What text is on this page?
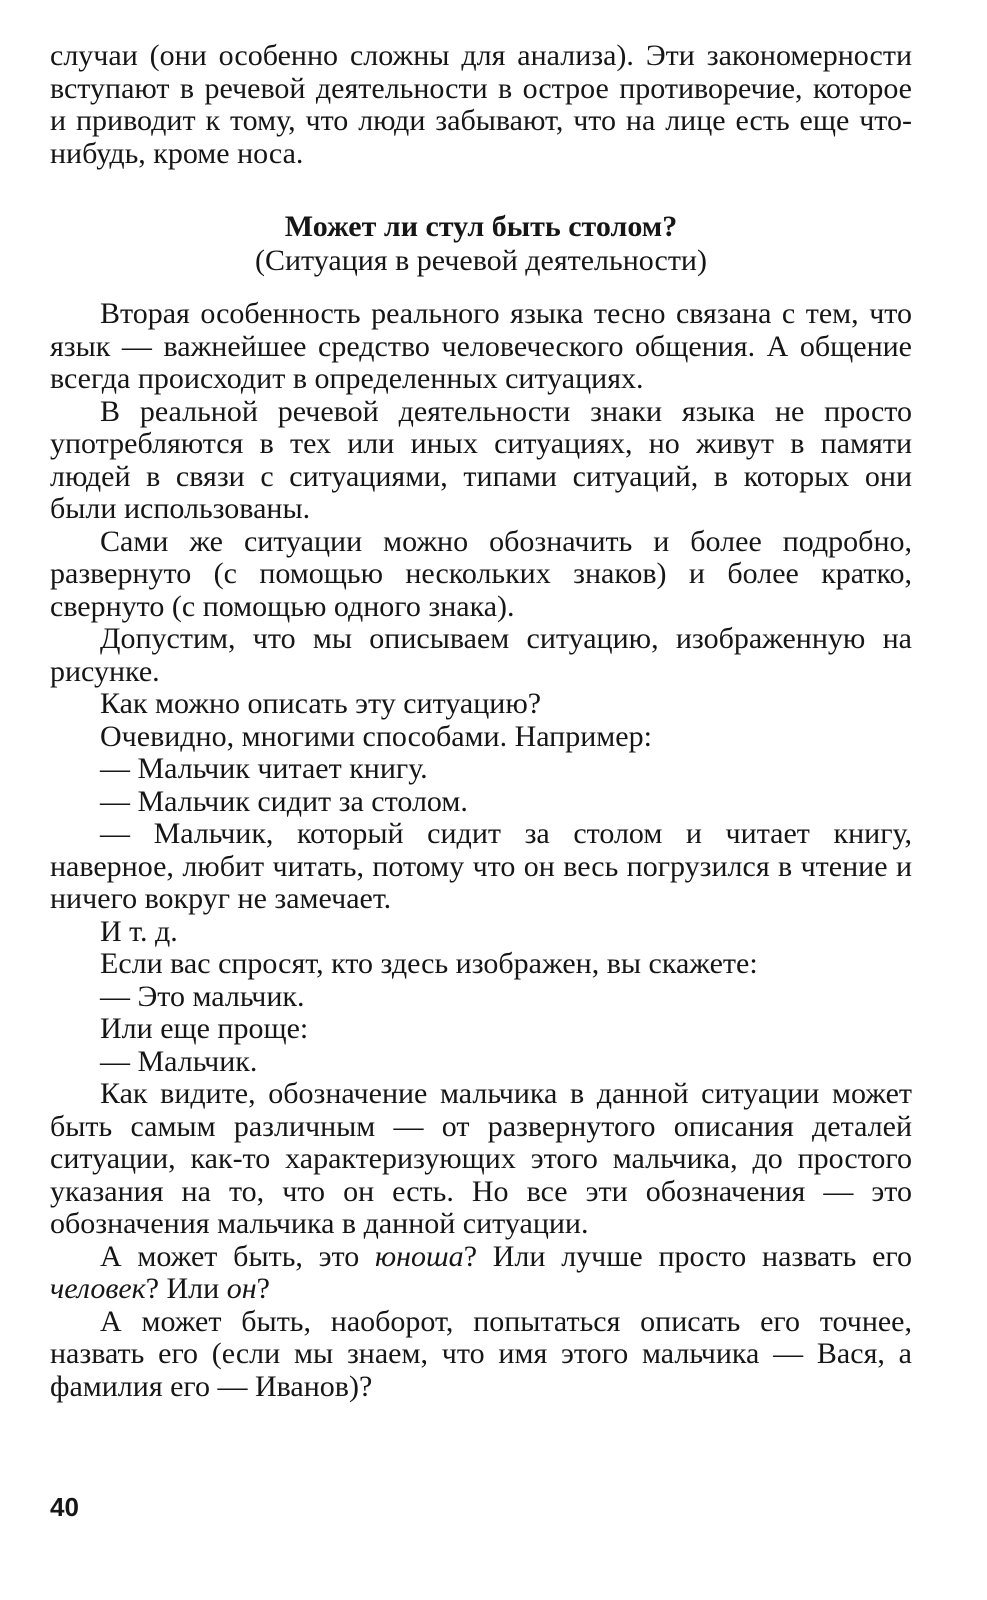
случаи (они особенно сложны для анализа). Эти закономерности вступают в речевой деятельности в острое противоречие, которое и приводит к тому, что люди забывают, что на лице есть еще что-нибудь, кроме носа.

Может ли стул быть столом?
(Ситуация в речевой деятельности)

Вторая особенность реального языка тесно связана с тем, что язык — важнейшее средство человеческого общения. А общение всегда происходит в определенных ситуациях.

В реальной речевой деятельности знаки языка не просто употребляются в тех или иных ситуациях, но живут в памяти людей в связи с ситуациями, типами ситуаций, в которых они были использованы.

Сами же ситуации можно обозначить и более подробно, развернуто (с помощью нескольких знаков) и более кратко, свернуто (с помощью одного знака).

Допустим, что мы описываем ситуацию, изображенную на рисунке.

Как можно описать эту ситуацию?

Очевидно, многими способами. Например:

— Мальчик читает книгу.

— Мальчик сидит за столом.

— Мальчик, который сидит за столом и читает книгу, наверное, любит читать, потому что он весь погрузился в чтение и ничего вокруг не замечает.

И т. д.

Если вас спросят, кто здесь изображен, вы скажете:

— Это мальчик.

Или еще проще:

— Мальчик.

Как видите, обозначение мальчика в данной ситуации может быть самым различным — от развернутого описания деталей ситуации, как-то характеризующих этого мальчика, до простого указания на то, что он есть. Но все эти обозначения — это обозначения мальчика в данной ситуации.

А может быть, это юноша? Или лучше просто назвать его человек? Или он?

А может быть, наоборот, попытаться описать его точнее, назвать его (если мы знаем, что имя этого мальчика — Вася, а фамилия его — Иванов)?

40
